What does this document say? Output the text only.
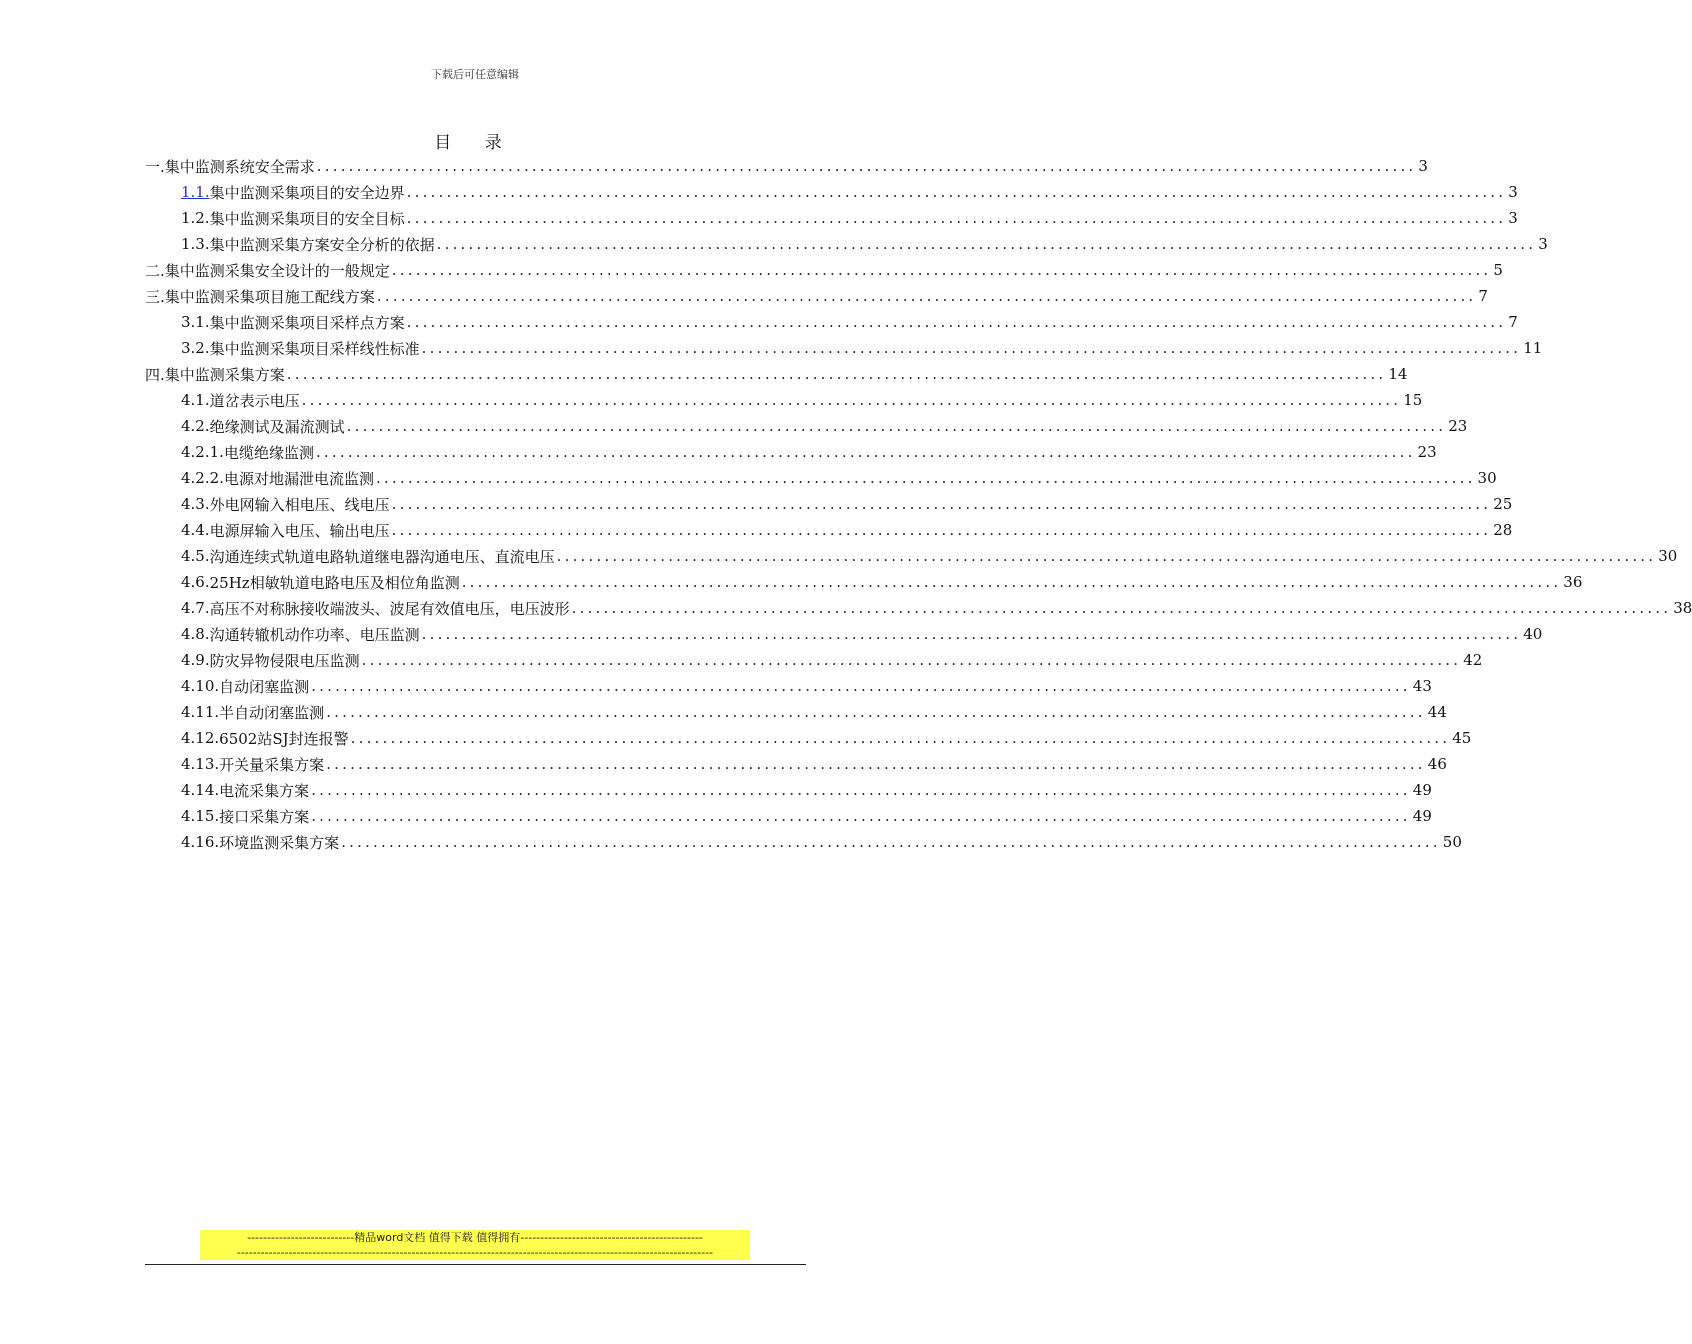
下载后可任意编辑
目 录
一. 集中监测系统安全需求 .......................................................................................................................................... 3
1.1. 集中监测采集项目的安全边界 .......................................................................................................................................... 3
1.2. 集中监测采集项目的安全目标 .......................................................................................................................................... 3
1.3. 集中监测采集方案安全分析的依据 .......................................................................................................................................... 3
二. 集中监测采集安全设计的一般规定 .......................................................................................................................................... 5
三. 集中监测采集项目施工配线方案 .......................................................................................................................................... 7
3.1. 集中监测采集项目采样点方案 .......................................................................................................................................... 7
3.2. 集中监测采集项目采样线性标准 .......................................................................................................................................... 11
四. 集中监测采集方案 .......................................................................................................................................... 14
4.1. 道岔表示电压 .......................................................................................................................................... 15
4.2. 绝缘测试及漏流测试 .......................................................................................................................................... 23
4.2.1. 电缆绝缘监测 .......................................................................................................................................... 23
4.2.2. 电源对地漏泄电流监测 .......................................................................................................................................... 30
4.3. 外电网输入相电压、线电压 .......................................................................................................................................... 25
4.4. 电源屏输入电压、输出电压 .......................................................................................................................................... 28
4.5. 沟通连续式轨道电路轨道继电器沟通电压、直流电压 .......................................................................................................................................... 30
4.6. 25Hz相敏轨道电路电压及相位角监测 .......................................................................................................................................... 36
4.7. 高压不对称脉接收端波头、波尾有效值电压，电压波形 .......................................................................................................................................... 38
4.8. 沟通转辙机动作功率、电压监测 .......................................................................................................................................... 40
4.9. 防灾异物侵限电压监测 .......................................................................................................................................... 42
4.10. 自动闭塞监测 .......................................................................................................................................... 43
4.11. 半自动闭塞监测 .......................................................................................................................................... 44
4.12. 6502站SJ封连报警 .......................................................................................................................................... 45
4.13. 开关量采集方案 .......................................................................................................................................... 46
4.14. 电流采集方案 .......................................................................................................................................... 49
4.15. 接口采集方案 .......................................................................................................................................... 49
4.16. 环境监测采集方案 .......................................................................................................................................... 50
---------------------------精品word文档 值得下载 值得拥有----------------------------------------------
------------------------------------------------------------------------------------------------------------------------
